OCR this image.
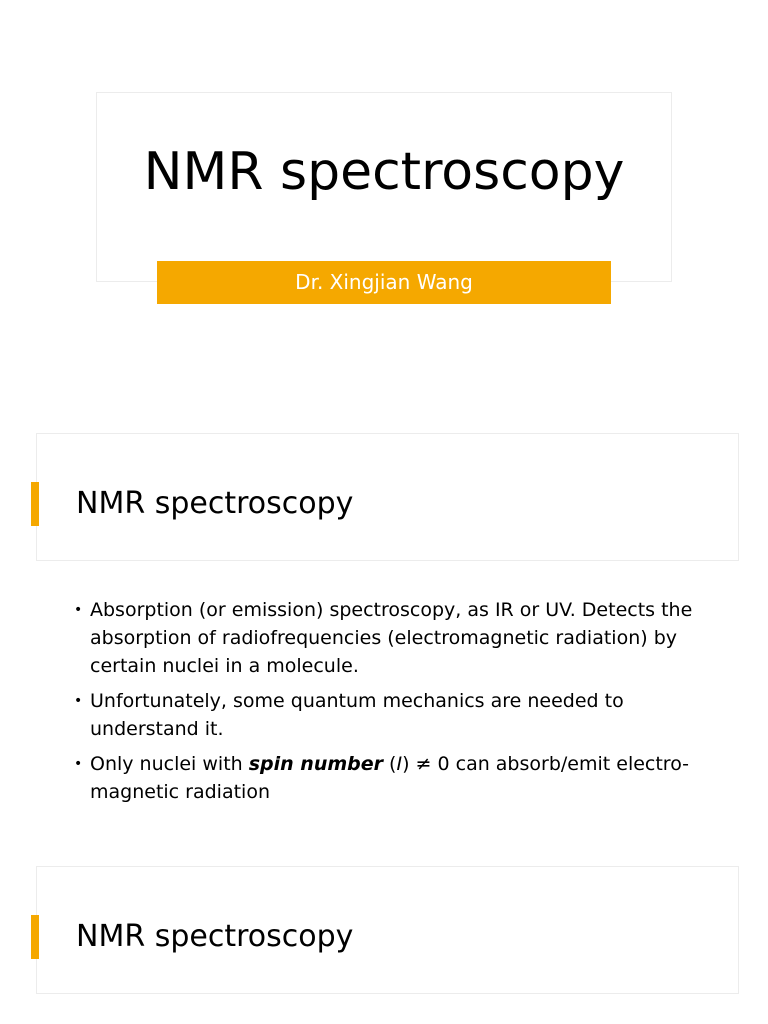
NMR spectroscopy
Dr. Xingjian Wang
NMR spectroscopy
• Absorption (or emission) spectroscopy, as IR or UV. Detects the absorption of radiofrequencies (electromagnetic radiation) by certain nuclei in a molecule.
• Unfortunately, some quantum mechanics are needed to understand it.
• Only nuclei with spin number (I) ≠ 0 can absorb/emit electro-magnetic radiation
NMR spectroscopy
